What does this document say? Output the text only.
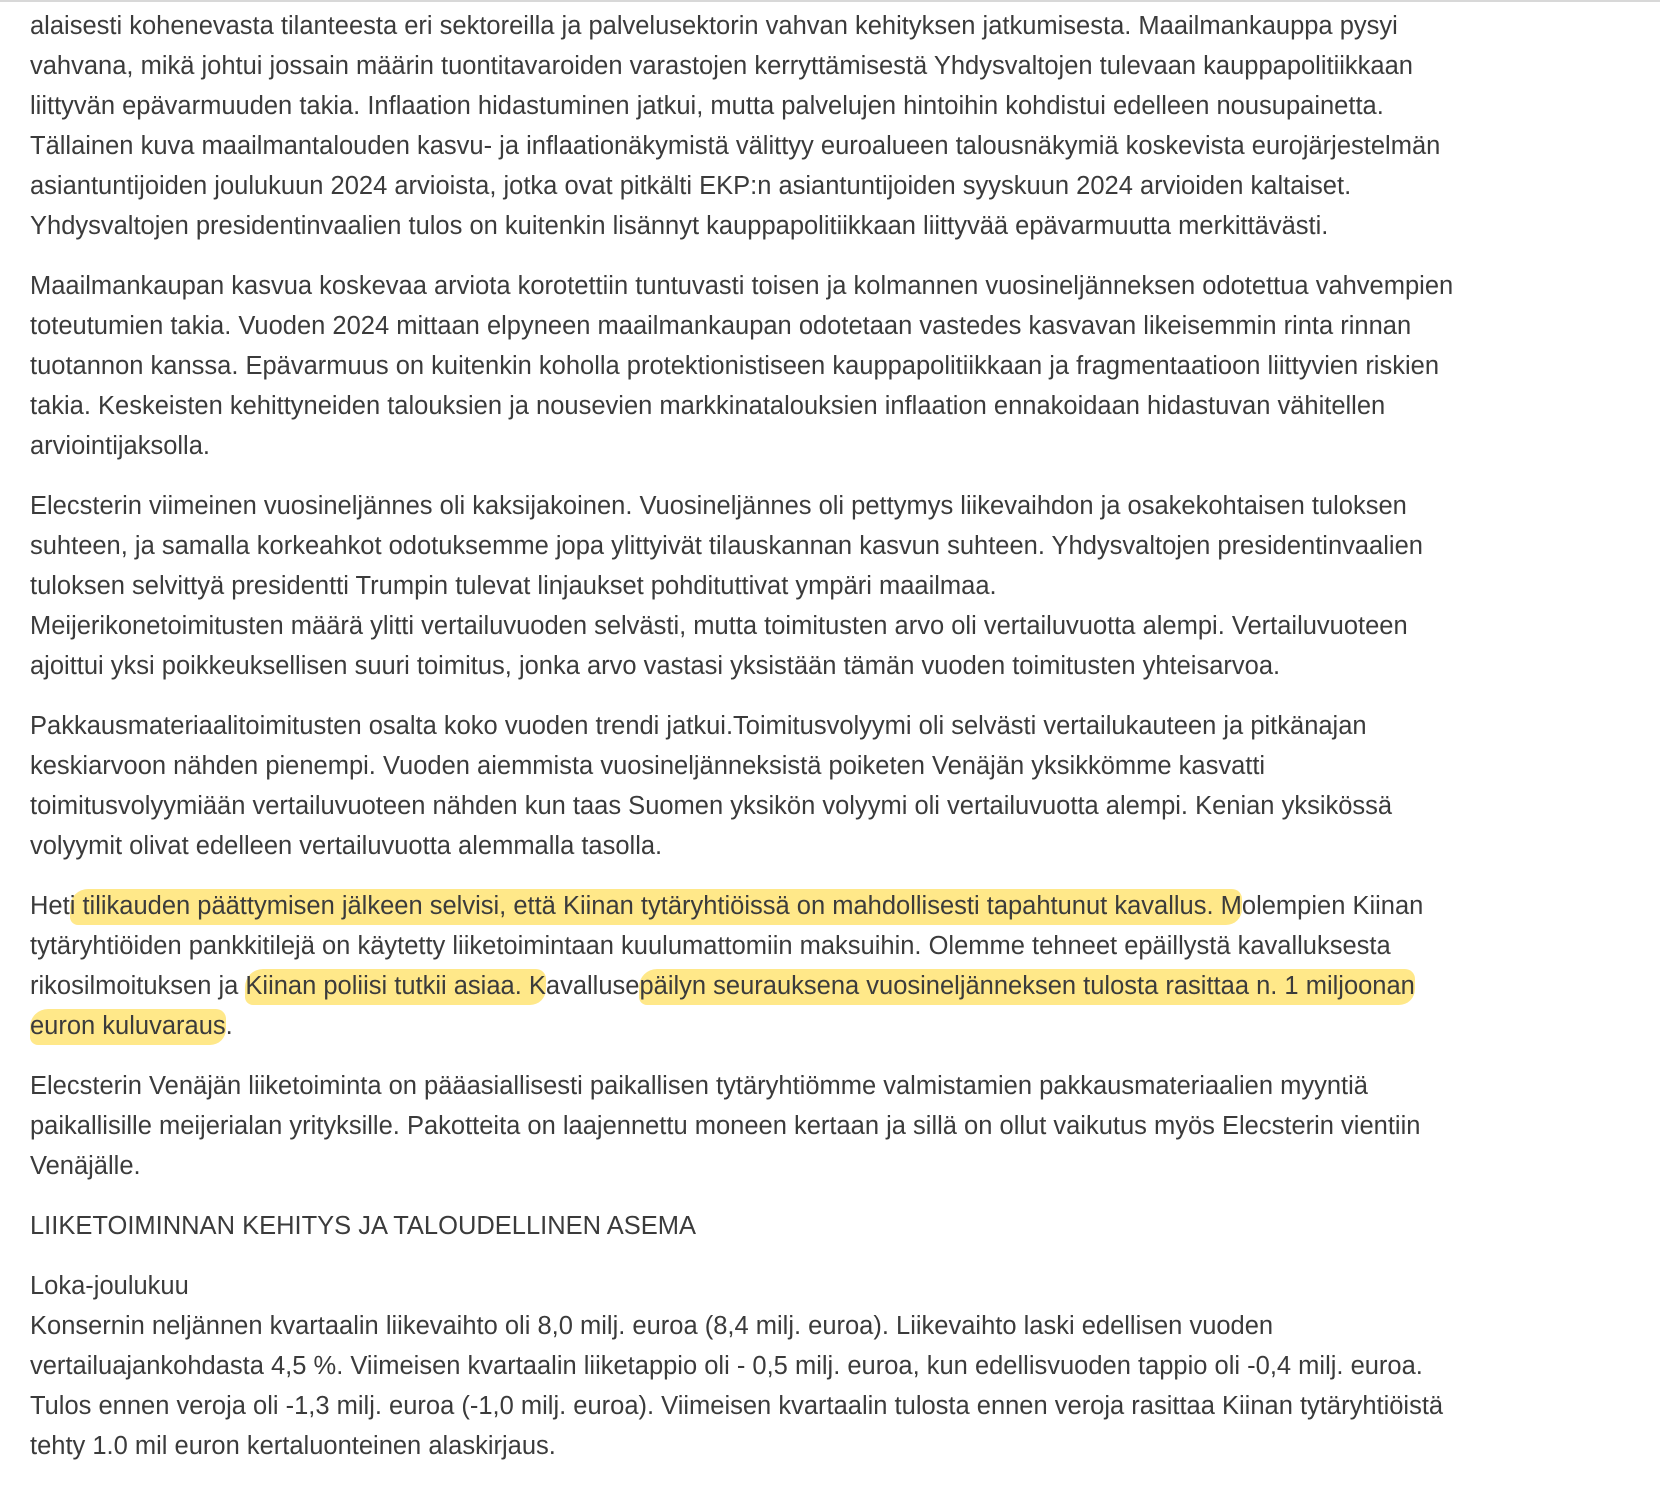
alaisesti kohenevasta tilanteesta eri sektoreilla ja palvelusektorin vahvan kehityksen jatkumisesta. Maailmankauppa pysyi
vahvana, mikä johtui jossain määrin tuontitavaroiden varastojen kerryttämisestä Yhdysvaltojen tulevaan kauppapolitiikkaan
liittyvän epävarmuuden takia. Inflaation hidastuminen jatkui, mutta palvelujen hintoihin kohdistui edelleen nousupainetta.
Tällainen kuva maailmantalouden kasvu- ja inflaationäkymistä välittyy euroalueen talousnäkymiä koskevista eurojärjestelmän
asiantuntijoiden joulukuun 2024 arvioista, jotka ovat pitkälti EKP:n asiantuntijoiden syyskuun 2024 arvioiden kaltaiset.
Yhdysvaltojen presidentinvaalien tulos on kuitenkin lisännyt kauppapolitiikkaan liittyvää epävarmuutta merkittävästi.

Maailmankaupan kasvua koskevaa arviota korotettiin tuntuvasti toisen ja kolmannen vuosineljänneksen odotettua vahvempien
toteutumien takia. Vuoden 2024 mittaan elpyneen maailmankaupan odotetaan vastedes kasvavan likeisemmin rinta rinnan
tuotannon kanssa. Epävarmuus on kuitenkin koholla protektionistiseen kauppapolitiikkaan ja fragmentaatioon liittyvien riskien
takia. Keskeisten kehittyneiden talouksien ja nousevien markkinatalouksien inflaation ennakoidaan hidastuvan vähitellen
arviointijaksolla.

Elecsterin viimeinen vuosineljännes oli kaksijakoinen. Vuosineljännes oli pettymys liikevaihdon ja osakekohtaisen tuloksen
suhteen, ja samalla korkeahkot odotuksemme jopa ylittyivät tilauskannan kasvun suhteen. Yhdysvaltojen presidentinvaalien
tuloksen selvittyä presidentti Trumpin tulevat linjaukset pohdituttivat ympäri maailmaa.
Meijerikonetoimitusten määrä ylitti vertailuvuoden selvästi, mutta toimitusten arvo oli vertailuvuotta alempi. Vertailuvuoteen
ajoittui yksi poikkeuksellisen suuri toimitus, jonka arvo vastasi yksistään tämän vuoden toimitusten yhteisarvoa.

Pakkausmateriaalitoimitusten osalta koko vuoden trendi jatkui.Toimitusvolyymi oli selvästi vertailukauteen ja pitkänajan
keskiarvoon nähden pienempi. Vuoden aiemmista vuosineljänneksistä poiketen Venäjän yksikkömme kasvatti
toimitusvolyymiään vertailuvuoteen nähden kun taas Suomen yksikön volyymi oli vertailuvuotta alempi. Kenian yksikössä
volyymit olivat edelleen vertailuvuotta alemmalla tasolla.

Heti tilikauden päättymisen jälkeen selvisi, että Kiinan tytäryhtiöissä on mahdollisesti tapahtunut kavallus. Molempien Kiinan
tytäryhtiöiden pankkitilejä on käytetty liiketoimintaan kuulumattomiin maksuihin. Olemme tehneet epäillystä kavalluksesta
rikosilmoituksen ja Kiinan poliisi tutkii asiaa. Kavallusepäilyn seurauksena vuosineljänneksen tulosta rasittaa n. 1 miljoonan
euron kuluvaraus.

Elecsterin Venäjän liiketoiminta on pääasiallisesti paikallisen tytäryhtiömme valmistamien pakkausmateriaalien myyntiä
paikallisille meijerialan yrityksille. Pakotteita on laajennettu moneen kertaan ja sillä on ollut vaikutus myös Elecsterin vientiin
Venäjälle.

LIIKETOIMINNAN KEHITYS JA TALOUDELLINEN ASEMA

Loka-joulukuu
Konsernin neljännen kvartaalin liikevaihto oli 8,0 milj. euroa (8,4 milj. euroa). Liikevaihto laski edellisen vuoden
vertailuajankohdasta 4,5 %. Viimeisen kvartaalin liiketappio oli - 0,5 milj. euroa, kun edellisvuoden tappio oli -0,4 milj. euroa.
Tulos ennen veroja oli -1,3 milj. euroa (-1,0 milj. euroa). Viimeisen kvartaalin tulosta ennen veroja rasittaa Kiinan tytäryhtiöistä
tehty 1.0 mil euron kertaluonteinen alaskirjaus.
